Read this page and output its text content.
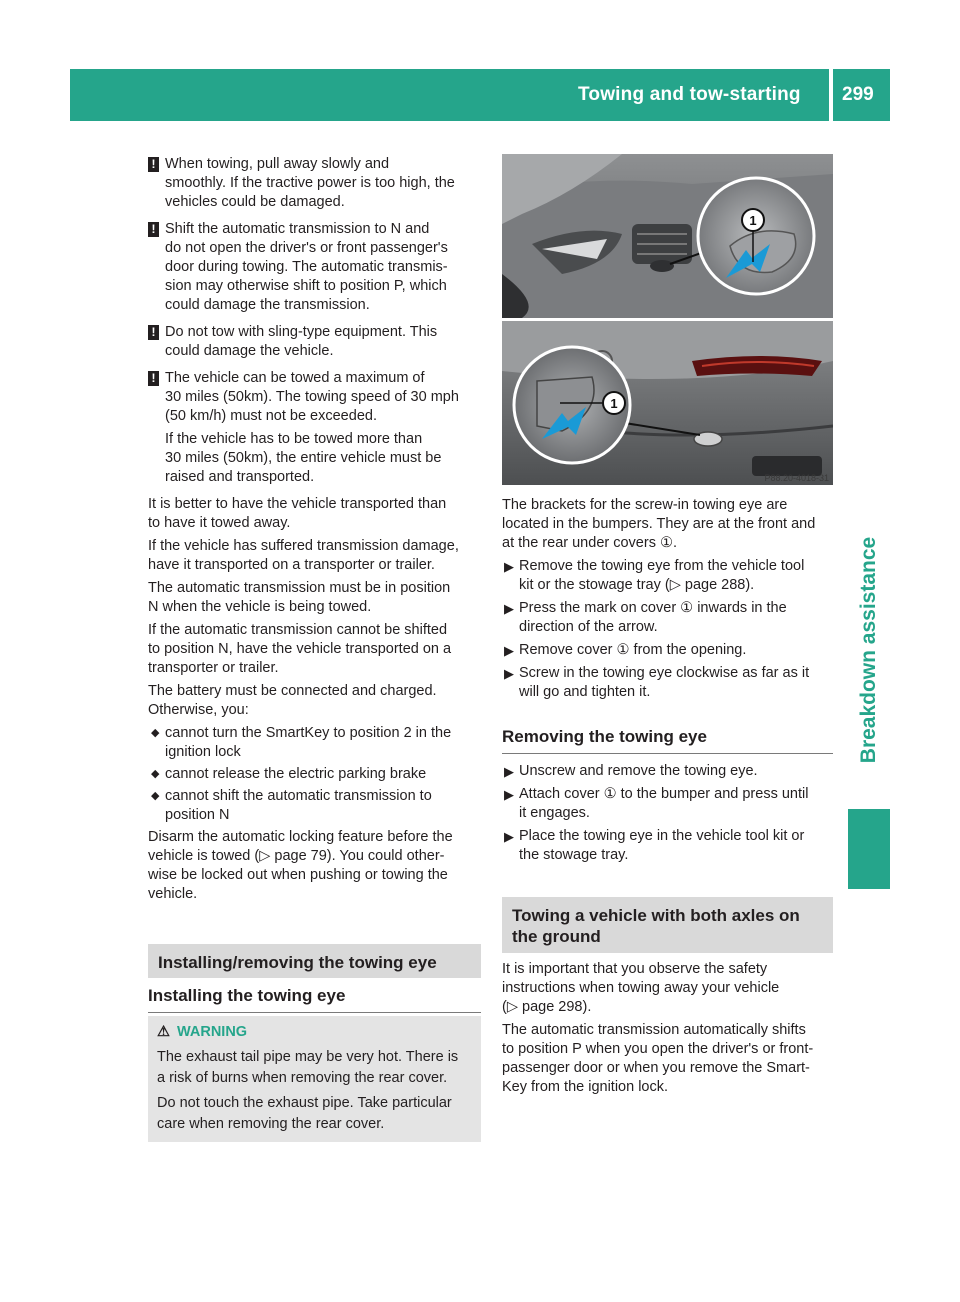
Towing and tow-starting 299
Breakdown assistance
! When towing, pull away slowly and
smoothly. If the tractive power is too high, the
vehicles could be damaged.

! Shift the automatic transmission to N and
do not open the driver's or front passenger's
door during towing. The automatic transmis-
sion may otherwise shift to position P, which
could damage the transmission.

! Do not tow with sling-type equipment. This
could damage the vehicle.

! The vehicle can be towed a maximum of
30 miles (50km). The towing speed of 30 mph
(50 km/h) must not be exceeded.

If the vehicle has to be towed more than
30 miles (50km), the entire vehicle must be
raised and transported.

It is better to have the vehicle transported than
to have it towed away.

If the vehicle has suffered transmission damage,
have it transported on a transporter or trailer.

The automatic transmission must be in position
N when the vehicle is being towed.

If the automatic transmission cannot be shifted
to position N, have the vehicle transported on a
transporter or trailer.

The battery must be connected and charged.
Otherwise, you:

◆ cannot turn the SmartKey to position 2 in the
ignition lock
◆ cannot release the electric parking brake
◆ cannot shift the automatic transmission to
position N

Disarm the automatic locking feature before the
vehicle is towed (▷ page 79). You could other-
wise be locked out when pushing or towing the
vehicle.

Installing/removing the towing eye
Installing the towing eye
⚠ WARNING

The exhaust tail pipe may be very hot. There is
a risk of burns when removing the rear cover.

Do not touch the exhaust pipe. Take particular
care when removing the rear cover.

1
1
P88.20-4018-31

The brackets for the screw-in towing eye are
located in the bumpers. They are at the front and
at the rear under covers ①.

▶ Remove the towing eye from the vehicle tool
kit or the stowage tray (▷ page 288).
▶ Press the mark on cover ① inwards in the
direction of the arrow.
▶ Remove cover ① from the opening.
▶ Screw in the towing eye clockwise as far as it
will go and tighten it.
Removing the towing eye
▶ Unscrew and remove the towing eye.
▶ Attach cover ① to the bumper and press until
it engages.
▶ Place the towing eye in the vehicle tool kit or
the stowage tray.
Towing a vehicle with both axles on
the ground

It is important that you observe the safety
instructions when towing away your vehicle
(▷ page 298).

The automatic transmission automatically shifts
to position P when you open the driver's or front-
passenger door or when you remove the Smart-
Key from the ignition lock.
